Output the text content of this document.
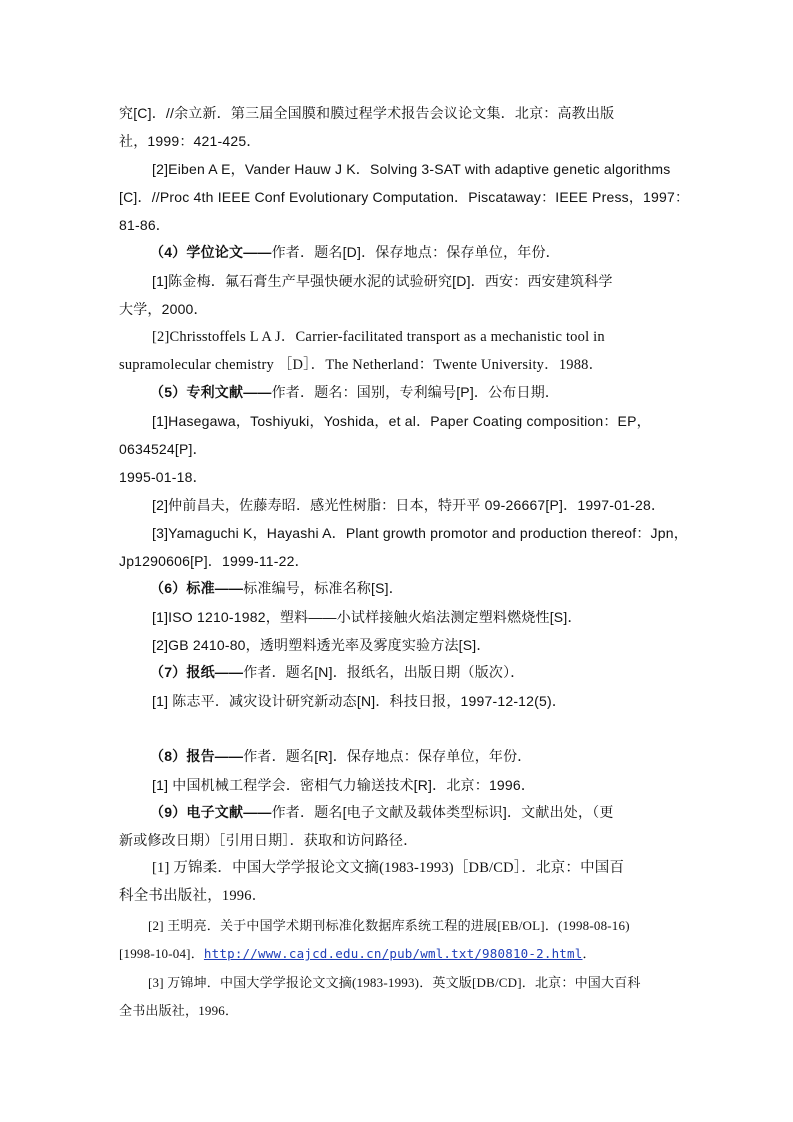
究[C]．//余立新．第三届全国膜和膜过程学术报告会议论文集．北京：高教出版
社，1999：421-425．
[2]Eiben A E，Vander Hauw J K．Solving 3-SAT with adaptive genetic algorithms
[C]．//Proc 4th IEEE Conf Evolutionary Computation．Piscataway：IEEE Press，1997：
81-86．
（4）学位论文——作者．题名[D]．保存地点：保存单位，年份．
[1]陈金梅．氟石膏生产早强快硬水泥的试验研究[D]．西安：西安建筑科学
大学，2000．
[2]Chrisstoffels L A J．Carrier-facilitated transport as a mechanistic tool in
supramolecular chemistry ［D］．The Netherland：Twente University．1988．
（5）专利文献——作者．题名：国别，专利编号[P]．公布日期．
[1]Hasegawa，Toshiyuki，Yoshida，et al．Paper Coating composition：EP，
0634524[P]．
1995-01-18．
[2]仲前昌夫，佐藤寿昭．感光性树脂：日本，特开平 09-26667[P]．1997-01-28．
[3]Yamaguchi K，Hayashi A．Plant growth promotor and production thereof：Jpn，
Jp1290606[P]．1999-11-22．
（6）标准——标准编号，标准名称[S]．
[1]ISO 1210-1982，塑料——小试样接触火焰法测定塑料燃烧性[S]．
[2]GB 2410-80，透明塑料透光率及雾度实验方法[S]．
（7）报纸——作者．题名[N]．报纸名，出版日期（版次）．
[1] 陈志平．减灾设计研究新动态[N]．科技日报，1997-12-12(5)．
（8）报告——作者．题名[R]．保存地点：保存单位，年份．
[1] 中国机械工程学会．密相气力输送技术[R]．北京：1996．
（9）电子文献——作者．题名[电子文献及载体类型标识]．文献出处，（更
新或修改日期）［引用日期］．获取和访问路径．
[1] 万锦柔．中国大学学报论文文摘(1983-1993)［DB/CD］．北京：中国百
科全书出版社，1996．
[2] 王明亮．关于中国学术期刊标准化数据库系统工程的进展[EB/OL]．(1998-08-16)
[1998-10-04]．http://www.cajcd.edu.cn/pub/wml.txt/980810-2.html．
[3] 万锦坤．中国大学学报论文文摘(1983-1993)．英文版[DB/CD]．北京：中国大百科
全书出版社，1996．
